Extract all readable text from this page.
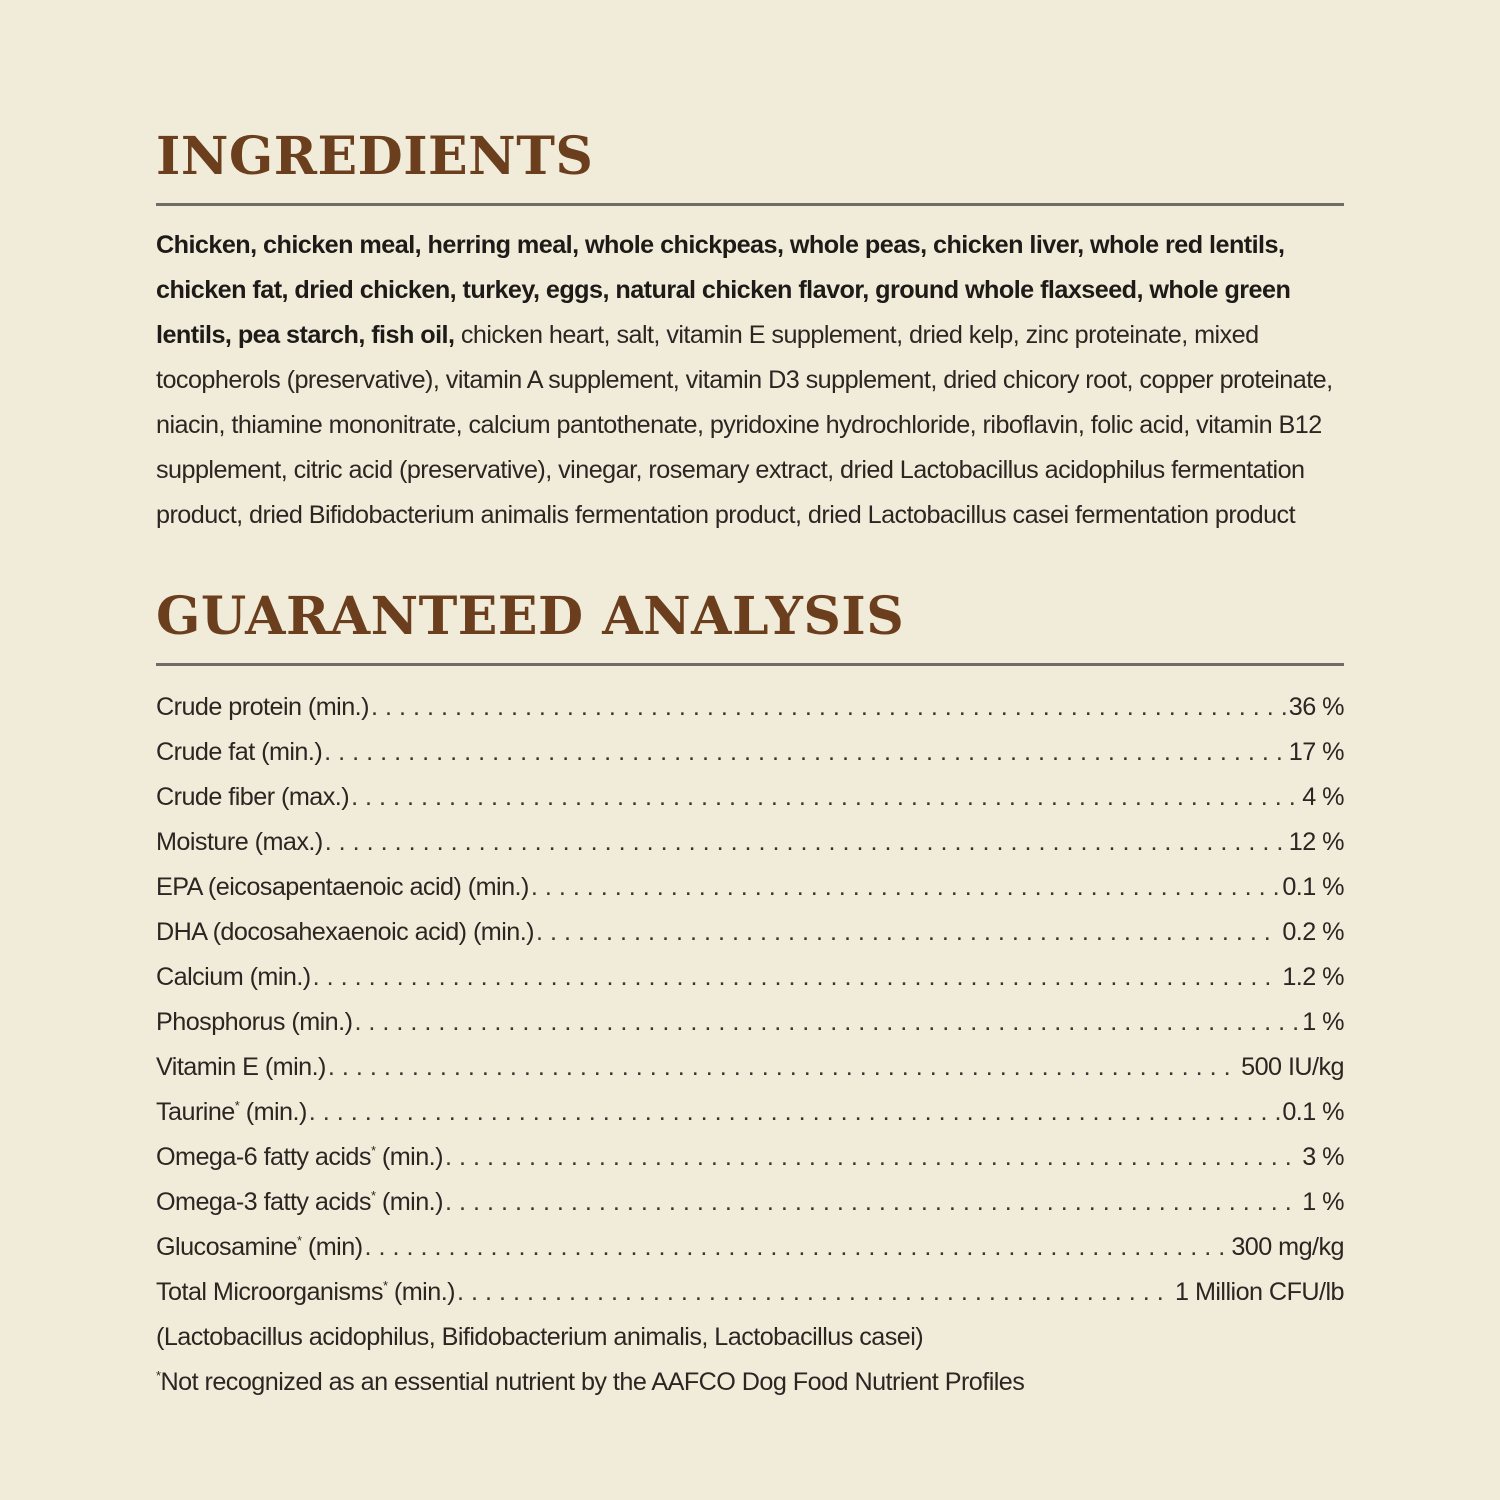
INGREDIENTS
Chicken, chicken meal, herring meal, whole chickpeas, whole peas, chicken liver, whole red lentils, chicken fat, dried chicken, turkey, eggs, natural chicken flavor, ground whole flaxseed, whole green lentils, pea starch, fish oil, chicken heart, salt, vitamin E supplement, dried kelp, zinc proteinate, mixed tocopherols (preservative), vitamin A supplement, vitamin D3 supplement, dried chicory root, copper proteinate, niacin, thiamine mononitrate, calcium pantothenate, pyridoxine hydrochloride, riboflavin, folic acid, vitamin B12 supplement, citric acid (preservative), vinegar, rosemary extract, dried Lactobacillus acidophilus fermentation product, dried Bifidobacterium animalis fermentation product, dried Lactobacillus casei fermentation product
GUARANTEED ANALYSIS
Crude protein (min.) . . .	36 %
Crude fat (min.) . . .	17 %
Crude fiber (max.) . . .	4 %
Moisture (max.) . . .	12 %
EPA (eicosapentaenoic acid) (min.) . . .	0.1 %
DHA (docosahexaenoic acid) (min.) . . .	0.2 %
Calcium (min.) . . .	1.2 %
Phosphorus (min.) . . .	1 %
Vitamin E (min.) . . .	500 IU/kg
Taurine* (min.) . . .	0.1 %
Omega-6 fatty acids* (min.) . . .	3 %
Omega-3 fatty acids* (min.) . . .	1 %
Glucosamine* (min) . . .	300 mg/kg
Total Microorganisms* (min.) . . .	1 Million CFU/lb
(Lactobacillus acidophilus, Bifidobacterium animalis, Lactobacillus casei)
*Not recognized as an essential nutrient by the AAFCO Dog Food Nutrient Profiles
